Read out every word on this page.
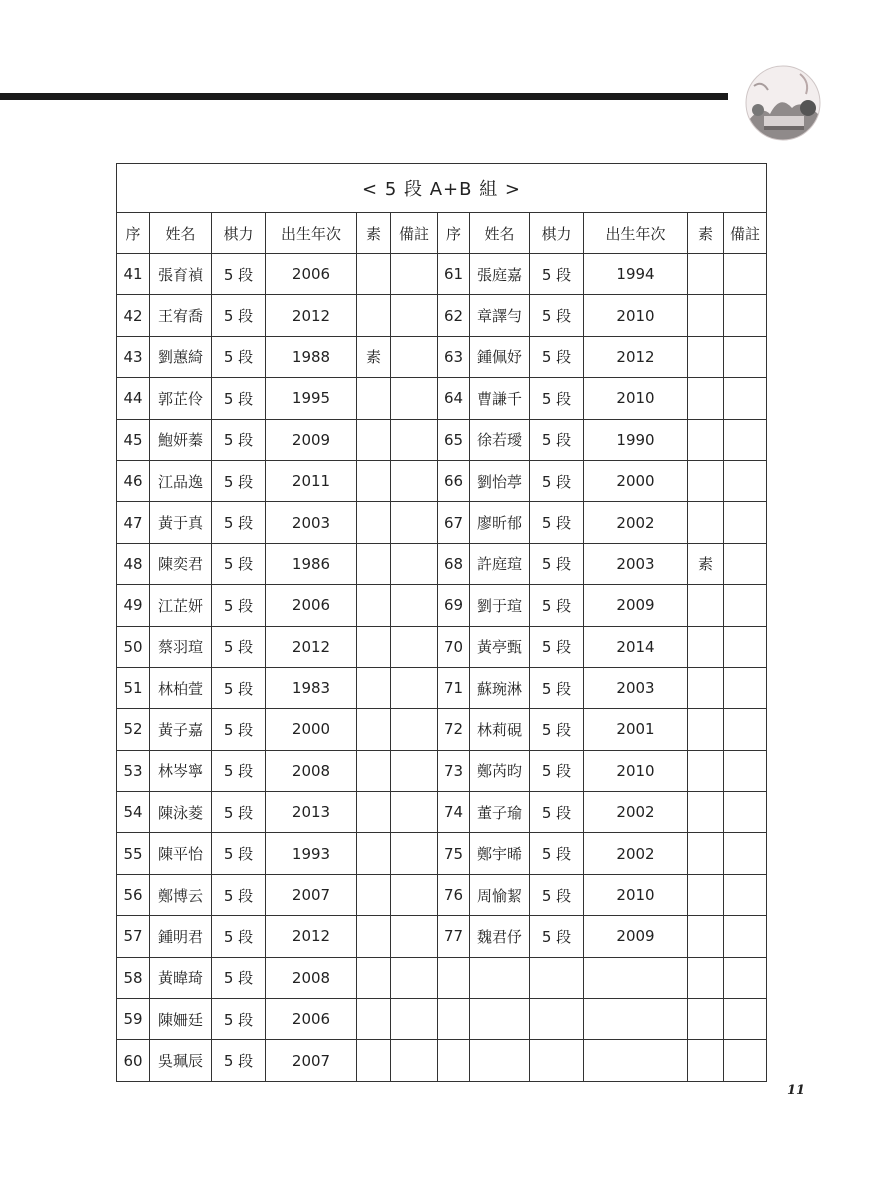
< 5 段 A+B 組 >											
序	姓名	棋力	出生年次	素	備註	序	姓名	棋力	出生年次	素	備註
41	張育禎	5 段	2006			61	張庭嘉	5 段	1994		
42	王宥喬	5 段	2012			62	章譯勻	5 段	2010		
43	劉蕙綺	5 段	1988	素		63	鍾佩妤	5 段	2012		
44	郭芷伶	5 段	1995			64	曹謙千	5 段	2010		
45	鮑妍蓁	5 段	2009			65	徐若璦	5 段	1990		
46	江品逸	5 段	2011			66	劉怡葶	5 段	2000		
47	黃于真	5 段	2003			67	廖昕郁	5 段	2002		
48	陳奕君	5 段	1986			68	許庭瑄	5 段	2003	素	
49	江芷妍	5 段	2006			69	劉于瑄	5 段	2009		
50	蔡羽瑄	5 段	2012			70	黃亭甄	5 段	2014		
51	林柏萱	5 段	1983			71	蘇琬淋	5 段	2003		
52	黃子嘉	5 段	2000			72	林莉硯	5 段	2001		
53	林岑寧	5 段	2008			73	鄭芮昀	5 段	2010		
54	陳泳菱	5 段	2013			74	董子瑜	5 段	2002		
55	陳平怡	5 段	1993			75	鄭宇晞	5 段	2002		
56	鄭博云	5 段	2007			76	周愉絜	5 段	2010		
57	鍾明君	5 段	2012			77	魏君伃	5 段	2009		
58	黃暐琦	5 段	2008								
59	陳姍廷	5 段	2006								
60	吳珮辰	5 段	2007								
11
